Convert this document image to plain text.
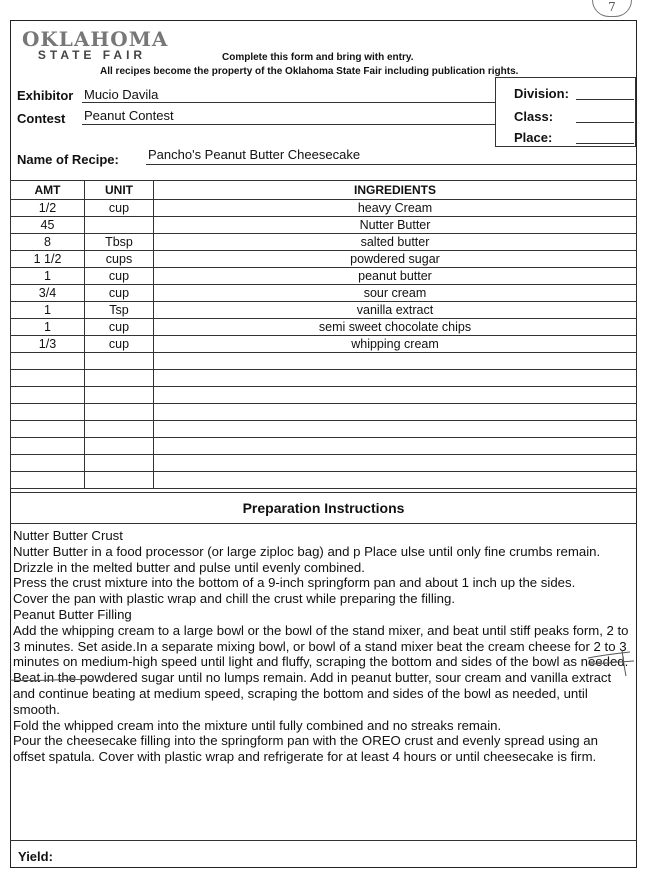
7
OKLAHOMA
STATE FAIR	Complete this form and bring with entry.
All recipes become the property of the Oklahoma State Fair including publication rights.
Exhibitor Mucio Davila
Contest Peanut Contest
Division:
Class:
Place:
Name of Recipe: Pancho's Peanut Butter Cheesecake
AMT	UNIT	INGREDIENTS
1/2	cup	heavy Cream
45		Nutter Butter
8	Tbsp	salted butter
1 1/2	cups	powdered sugar
1	cup	peanut butter
3/4	cup	sour cream
1	Tsp	vanilla extract
1	cup	semi sweet chocolate chips
1/3	cup	whipping cream

Preparation Instructions
Nutter Butter Crust
Nutter Butter in a food processor (or large ziploc bag) and p Place ulse until only fine crumbs remain.
Drizzle in the melted butter and pulse until evenly combined.
Press the crust mixture into the bottom of a 9-inch springform pan and about 1 inch up the sides.
Cover the pan with plastic wrap and chill the crust while preparing the filling.
Peanut Butter Filling
Add the whipping cream to a large bowl or the bowl of the stand mixer, and beat until stiff peaks form, 2 to 3 minutes. Set aside.In a separate mixing bowl, or bowl of a stand mixer beat the cream cheese for 2 to 3 minutes on medium-high speed until light and fluffy, scraping the bottom and sides of the bowl as needed.
Beat in the powdered sugar until no lumps remain. Add in peanut butter, sour cream and vanilla extract and continue beating at medium speed, scraping the bottom and sides of the bowl as needed, until smooth.
Fold the whipped cream into the mixture until fully combined and no streaks remain.
Pour the cheesecake filling into the springform pan with the OREO crust and evenly spread using an offset spatula. Cover with plastic wrap and refrigerate for at least 4 hours or until cheesecake is firm.
Yield:
